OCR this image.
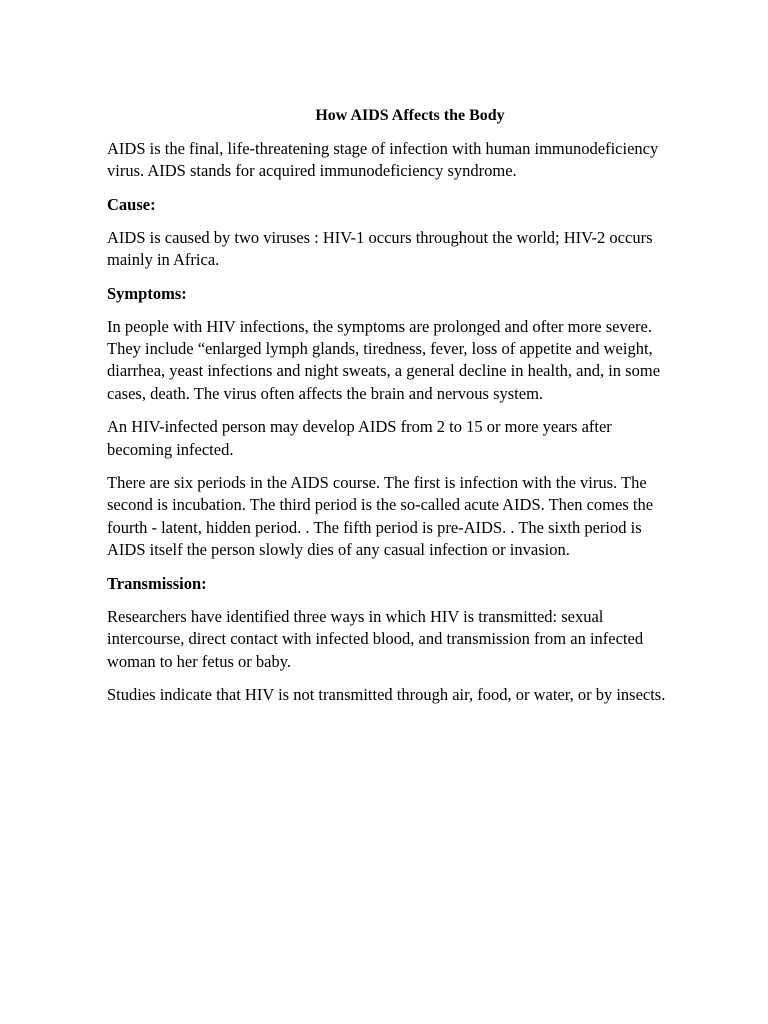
How AIDS Affects the Body
AIDS is the final, life-threatening stage of infection with human immunodeficiency
virus. AIDS stands for acquired immunodeficiency syndrome.
Cause:
AIDS is caused by two viruses : HIV-1 occurs throughout the world; HIV-2 occurs
mainly in Africa.
Symptoms:
In people with HIV infections, the symptoms are prolonged and ofter more severe.
They include “enlarged lymph glands, tiredness, fever, loss of appetite and weight,
diarrhea, yeast infections and night sweats, a general decline in health, and, in some
cases, death. The virus often affects the brain and nervous system.
An HIV-infected person may develop AIDS from 2 to 15 or more years after
becoming infected.
There are six periods in the AIDS course. The first is infection with the virus. The
second is incubation. The third period is the so-called acute AIDS. Then comes the
fourth - latent, hidden period. . The fifth period is pre-AIDS. . The sixth period is
AIDS itself the person slowly dies of any casual infection or invasion.
Transmission:
Researchers have identified three ways in which HIV is transmitted: sexual
intercourse, direct contact with infected blood, and transmission from an infected
woman to her fetus or baby.
Studies indicate that HIV is not transmitted through air, food, or water, or by insects.
